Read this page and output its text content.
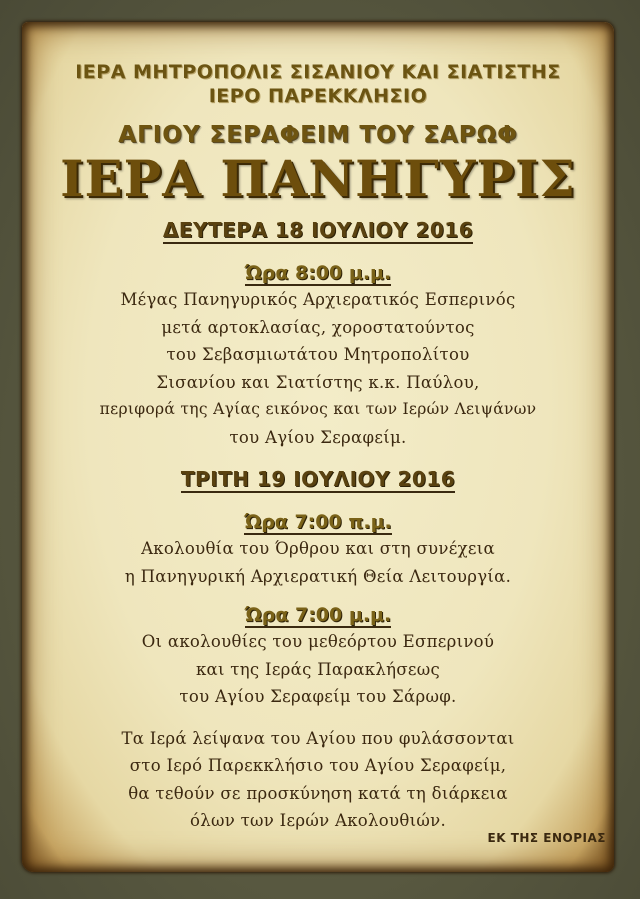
ΙΕΡΑ ΜΗΤΡΟΠΟΛΙΣ ΣΙΣΑΝΙΟΥ ΚΑΙ ΣΙΑΤΙΣΤΗΣ
ΙΕΡΟ ΠΑΡΕΚΚΛΗΣΙΟ
ΑΓΙΟΥ ΣΕΡΑΦΕΙΜ ΤΟΥ ΣΑΡΩΦ
ΙΕΡΑ ΠΑΝΗΓΥΡΙΣ
ΔΕΥΤΕΡΑ 18 ΙΟΥΛΙΟΥ 2016
Ώρα 8:00 μ.μ.
Μέγας Πανηγυρικός Αρχιερατικός Εσπερινός
μετά αρτοκλασίας, χοροστατούντος
του Σεβασμιωτάτου Μητροπολίτου
Σισανίου και Σιατίστης κ.κ. Παύλου,
περιφορά της Αγίας εικόνος και των Ιερών Λειψάνων
του Αγίου Σεραφείμ.
ΤΡΙΤΗ 19 ΙΟΥΛΙΟΥ 2016
Ώρα 7:00 π.μ.
Ακολουθία του Όρθρου και στη συνέχεια
η Πανηγυρική Αρχιερατική Θεία Λειτουργία.
Ώρα 7:00 μ.μ.
Οι ακολουθίες του μεθεόρτου Εσπερινού
και της Ιεράς Παρακλήσεως
του Αγίου Σεραφείμ του Σάρωφ.
Τα Ιερά λείψανα του Αγίου που φυλάσσονται
στο Ιερό Παρεκκλήσιο του Αγίου Σεραφείμ,
θα τεθούν σε προσκύνηση κατά τη διάρκεια
όλων των Ιερών Ακολουθιών.
ΕΚ ΤΗΣ ΕΝΟΡΙΑΣ
